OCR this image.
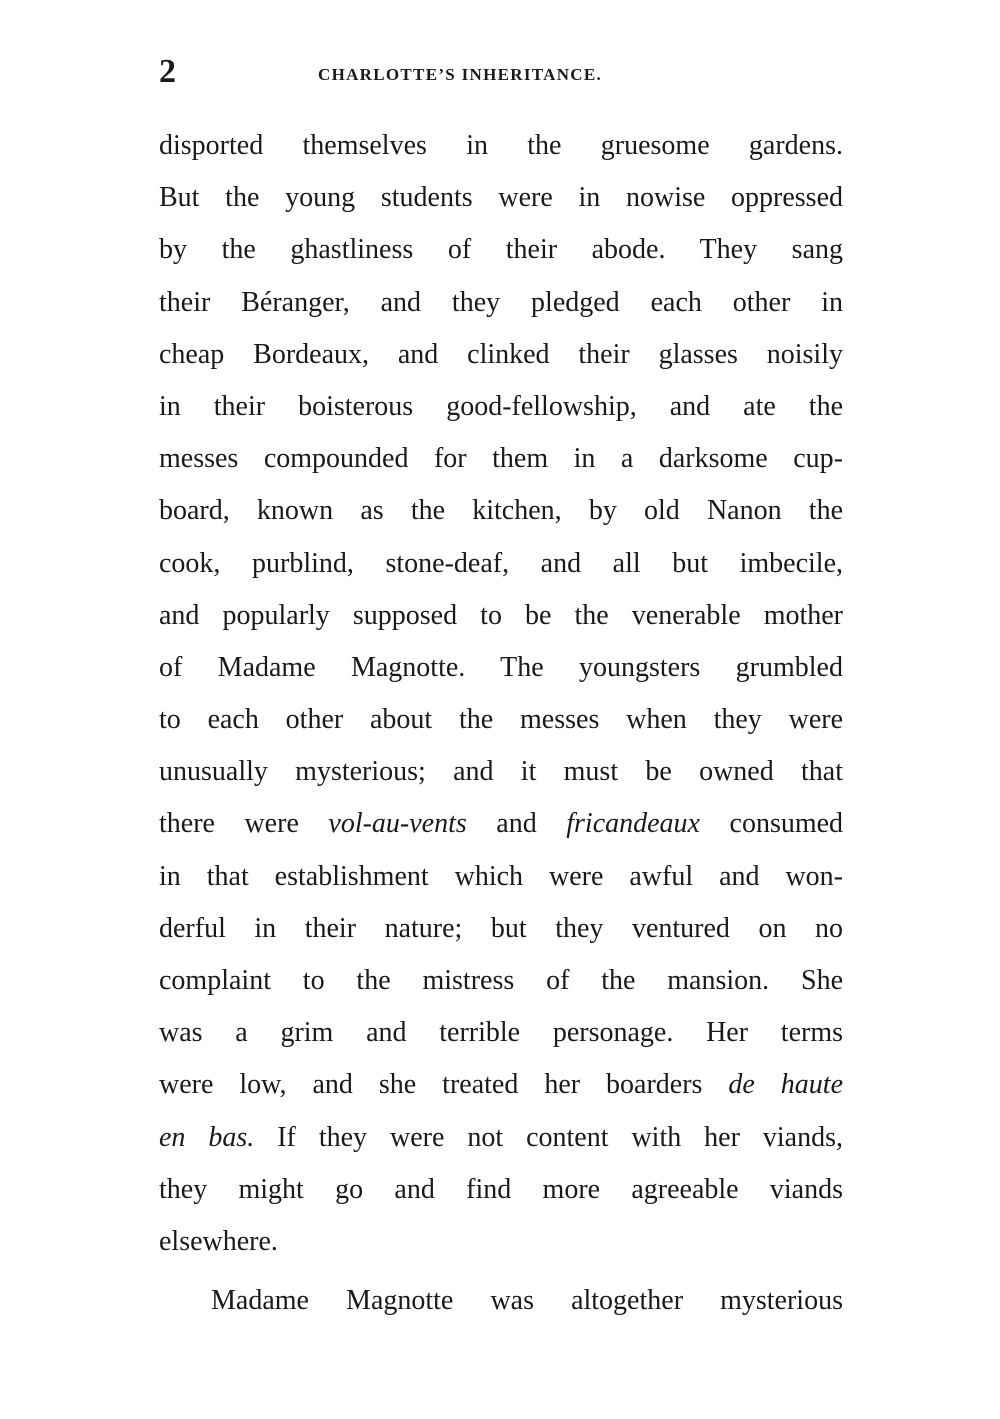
2	CHARLOTTE’S INHERITANCE.
disported themselves in the gruesome gardens.
But the young students were in nowise oppressed
by the ghastliness of their abode. They sang
their Béranger, and they pledged each other in
cheap Bordeaux, and clinked their glasses noisily
in their boisterous good-fellowship, and ate the
messes compounded for them in a darksome cup-
board, known as the kitchen, by old Nanon the
cook, purblind, stone-deaf, and all but imbecile,
and popularly supposed to be the venerable mother
of Madame Magnotte. The youngsters grumbled
to each other about the messes when they were
unusually mysterious; and it must be owned that
there were vol-au-vents and fricandeaux consumed
in that establishment which were awful and won-
derful in their nature; but they ventured on no
complaint to the mistress of the mansion. She
was a grim and terrible personage. Her terms
were low, and she treated her boarders de haute
en bas. If they were not content with her viands,
they might go and find more agreeable viands
elsewhere.
Madame Magnotte was altogether mysterious
